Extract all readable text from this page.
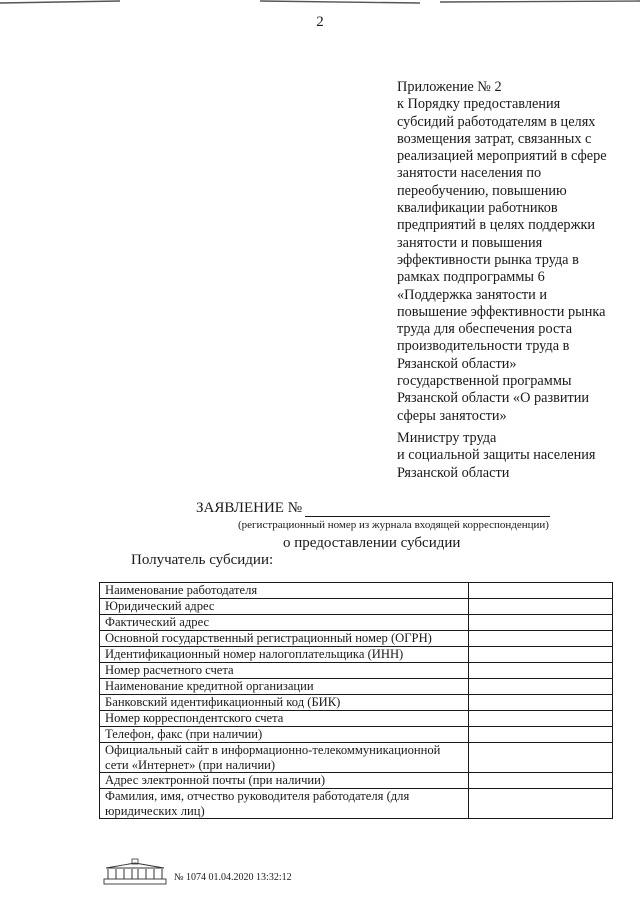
2
Приложение № 2
к Порядку предоставления
субсидий работодателям в целях
возмещения затрат, связанных с
реализацией мероприятий в сфере
занятости населения по
переобучению, повышению
квалификации работников
предприятий в целях поддержки
занятости и повышения
эффективности рынка труда в
рамках подпрограммы 6
«Поддержка занятости и
повышение эффективности рынка
труда для обеспечения роста
производительности труда в
Рязанской области»
государственной программы
Рязанской области «О развитии
сферы занятости»
Министру труда
и социальной защиты населения
Рязанской области
ЗАЯВЛЕНИЕ №
(регистрационный номер из журнала входящей корреспонденции)
о предоставлении субсидии
Получатель субсидии:
Наименование работодателя	
Юридический адрес	
Фактический адрес	
Основной государственный регистрационный номер (ОГРН)	
Идентификационный номер налогоплательщика (ИНН)	
Номер расчетного счета	
Наименование кредитной организации	
Банковский идентификационный код (БИК)	
Номер корреспондентского счета	
Телефон, факс (при наличии)	
Официальный сайт в информационно-телекоммуникационной сети «Интернет» (при наличии)	
Адрес электронной почты (при наличии)	
Фамилия, имя, отчество руководителя работодателя (для юридических лиц)	
№ 1074 01.04.2020 13:32:12
